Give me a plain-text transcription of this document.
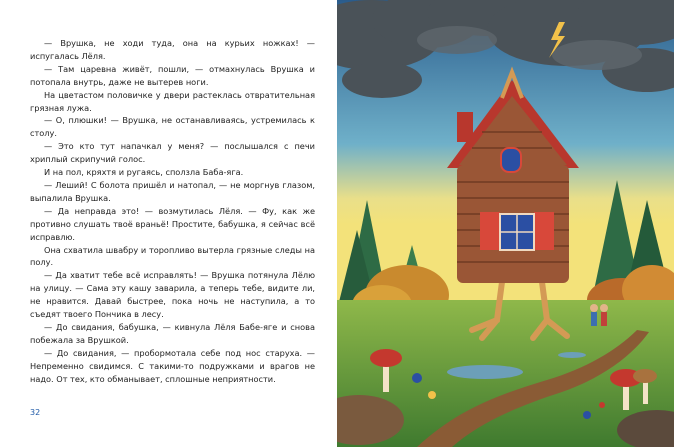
— Врушка, не ходи туда, она на курьих ножках! — испугалась Лёля.

— Там царевна живёт, пошли, — отмахнулась Врушка и потопала внутрь, даже не вытерев ноги.

На цветастом половичке у двери растеклась отвратительная грязная лужа.

— О, плюшки! — Врушка, не останавливаясь, устремилась к столу.

— Это кто тут напачкал у меня? — послышался с печи хриплый скрипучий голос.

И на пол, кряхтя и ругаясь, сползла Баба-яга.

— Леший! С болота пришёл и натопал, — не моргнув глазом, выпалила Врушка.

— Да неправда это! — возмутилась Лёля. — Фу, как же противно слушать твоё враньё! Простите, бабушка, я сейчас всё исправлю.

Она схватила швабру и торопливо вытерла грязные следы на полу.

— Да хватит тебе всё исправлять! — Врушка потянула Лёлю на улицу. — Сама эту кашу заварила, а теперь тебе, видите ли, не нравится. Давай быстрее, пока ночь не наступила, а то съедят твоего Пончика в лесу.

— До свидания, бабушка, — кивнула Лёля Бабе-яге и снова побежала за Врушкой.

— До свидания, — пробормотала себе под нос старуха. — Непременно свидимся. С такими-то подружками и врагов не надо. От тех, кто обманывает, сплошные неприятности.

32
